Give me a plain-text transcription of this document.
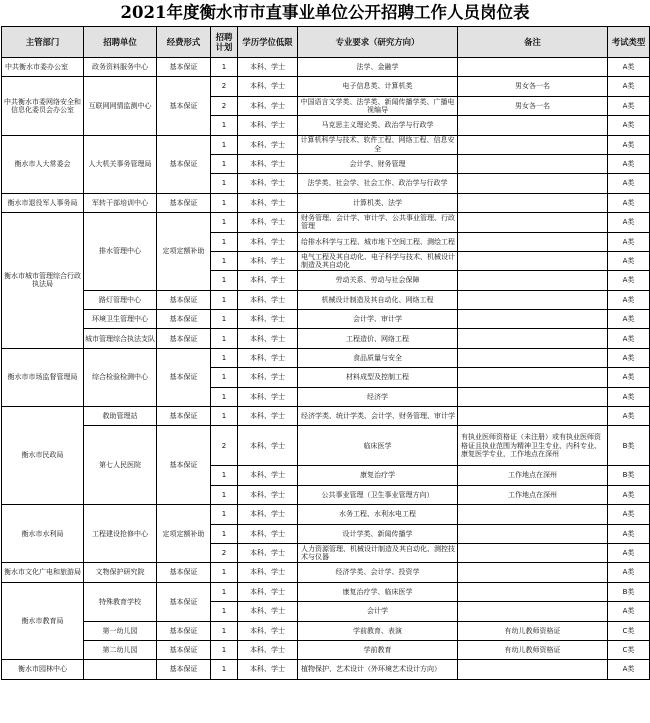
2021年度衡水市市直事业单位公开招聘工作人员岗位表
主管部门	招聘单位	经费形式	招聘计划	学历学位低限	专业要求（研究方向）	备注	考试类型
中共衡水市委办公室	政务资料服务中心	基本保证	1	本科、学士	法学、金融学		A类
中共衡水市委网络安全和信息化委员会办公室	互联网网情监测中心	基本保证	2	本科、学士	电子信息类、计算机类	男女各一名	A类
			2	本科、学士	中国语言文学类、法学类、新闻传播学类、广播电视编导	男女各一名	A类
			1	本科、学士	马克思主义理论类、政治学与行政学		A类
衡水市人大常委会	人大机关事务管理局	基本保证	1	本科、学士	计算机科学与技术、软件工程、网络工程、信息安全		A类
			1	本科、学士	会计学、财务管理		A类
			1	本科、学士	法学类、社会学、社会工作、政治学与行政学		A类
衡水市退役军人事务局	军转干部培训中心	基本保证	1	本科、学士	计算机类、法学		A类
衡水市城市管理综合行政执法局	排水管理中心	定项定额补助	1	本科、学士	财务管理、会计学、审计学、公共事业管理、行政管理		A类
			1	本科、学士	给排水科学与工程、城市地下空间工程、测绘工程		A类
			1	本科、学士	电气工程及其自动化、电子科学与技术、机械设计制造及其自动化		A类
			1	本科、学士	劳动关系、劳动与社会保障		A类
	路灯管理中心	基本保证	1	本科、学士	机械设计制造及其自动化、网络工程		A类
	环境卫生管理中心	基本保证	1	本科、学士	会计学、审计学		A类
	城市管理综合执法支队	基本保证	1	本科、学士	工程造价、网络工程		A类
衡水市市场监督管理局	综合检验检测中心	基本保证	1	本科、学士	食品质量与安全		A类
			1	本科、学士	材料成型及控制工程		A类
			1	本科、学士	经济学		A类
衡水市民政局	救助管理站	基本保证	1	本科、学士	经济学类、统计学类、会计学、财务管理、审计学		A类
	第七人民医院	基本保证	2	本科、学士	临床医学	有执业医师资格证（未注册）或有执业医师资格证且执业范围为精神卫生专业、内科专业、康复医学专业，工作地点在深州	B类
			1	本科、学士	康复治疗学	工作地点在深州	B类
			1	本科、学士	公共事业管理（卫生事业管理方向）	工作地点在深州	A类
衡水市水利局	工程建设抢修中心	定项定额补助	1	本科、学士	水务工程、水利水电工程		A类
			1	本科、学士	设计学类、新闻传播学		A类
			2	本科、学士	人力资源管理、机械设计制造及其自动化、测控技术与仪器		A类
衡水市文化广电和旅游局	文物保护研究院	基本保证	1	本科、学士	经济学类、会计学、投资学		A类
衡水市教育局	特殊教育学校	基本保证	1	本科、学士	康复治疗学、临床医学		B类
			1	本科、学士	会计学		A类
	第一幼儿园	基本保证	1	本科、学士	学前教育、表演	有幼儿教师资格证	C类
	第二幼儿园	基本保证	1	本科、学士	学前教育	有幼儿教师资格证	C类
衡水市园林中心		基本保证	1	本科、学士	植物保护、艺术设计（外环境艺术设计方向）		A类
